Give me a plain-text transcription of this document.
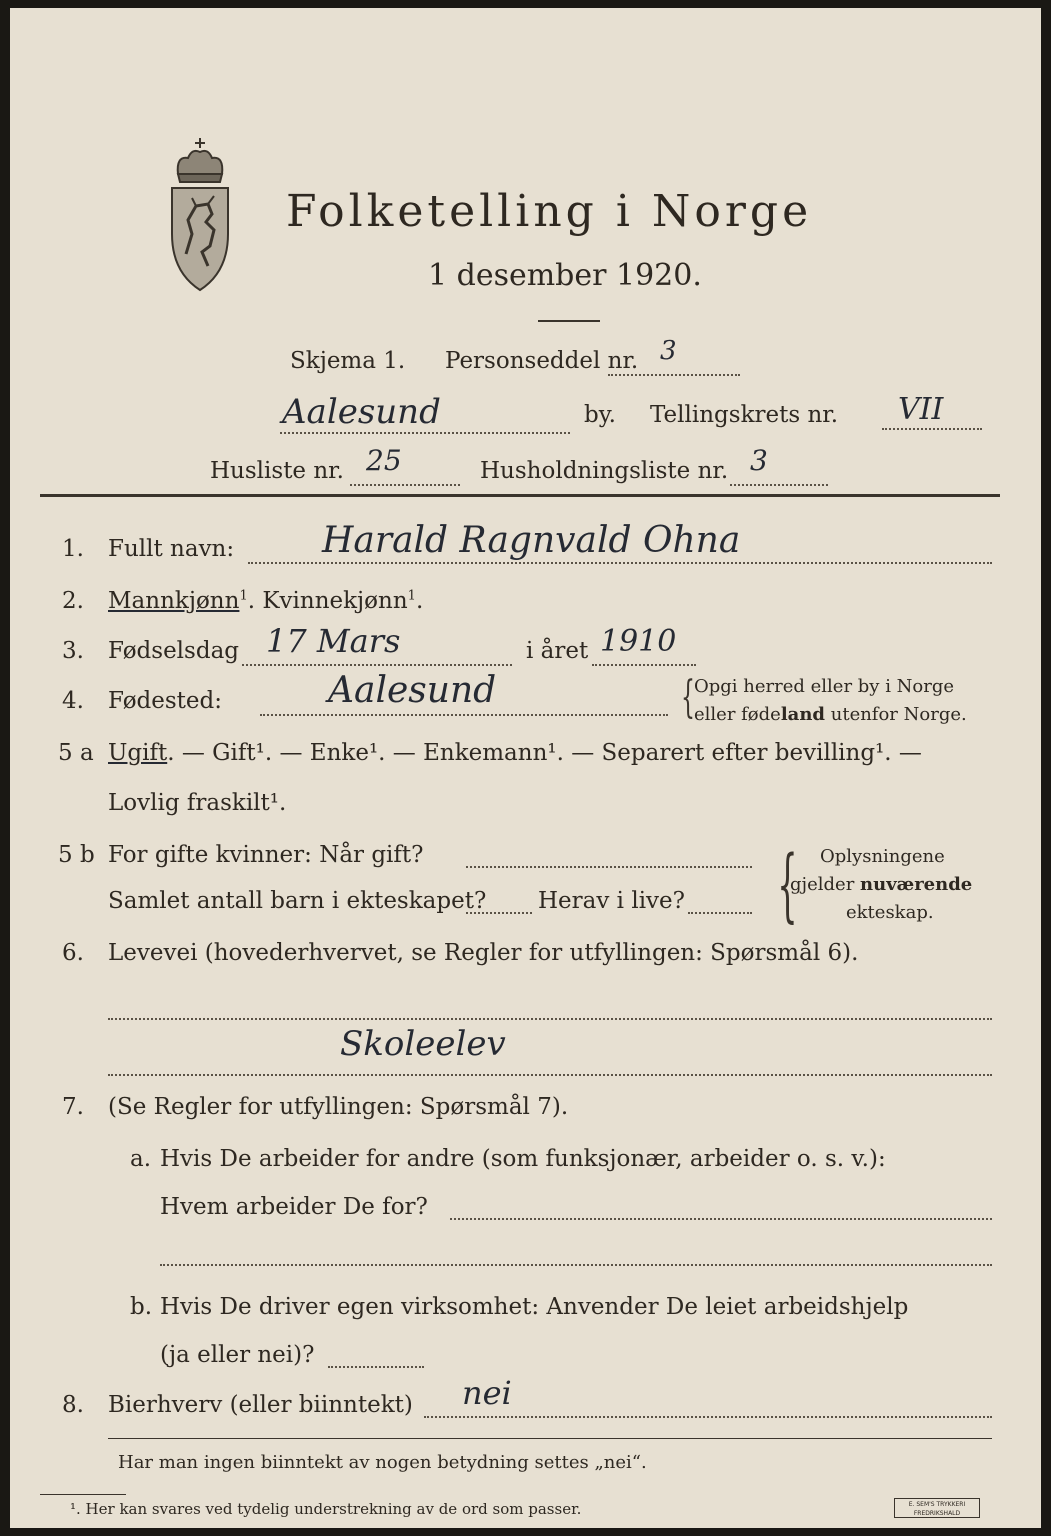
Folketelling i Norge
1 desember 1920.
Skjema 1. Personseddel nr. 3
Aalesund	by. Tellingskrets nr. VII
Husliste nr. 25	Husholdningsliste nr. 3
1. Fullt navn: Harald Ragnvald Ohna
2. Mannkjønn$^1$. Kvinnekjønn$^1$.
3. Fødselsdag 17 Mars	i året 1910
4. Fødested:	Aalesund	{ Opgi herred eller by i Norge
eller fødeland utenfor Norge.
5 a Ugift. — Gift¹. — Enke¹. — Enkemann¹. — Separert efter bevilling¹. —
Lovlig fraskilt¹.
5 b For gifte kvinner: Når gift?
Samlet antall barn i ekteskapet? Herav i live? { Oplysningene
gjelder nuværende
ekteskap.
6. Levevei (hovederhvervet, se Regler for utfyllingen: Spørsmål 6).
Skoleelev
7. (Se Regler for utfyllingen: Spørsmål 7).
a. Hvis De arbeider for andre (som funksjonær, arbeider o. s. v.):
Hvem arbeider De for?
b. Hvis De driver egen virksomhet: Anvender De leiet arbeidshjelp
(ja eller nei)?
8. Bierhverv (eller biinntekt) nei
Har man ingen biinntekt av nogen betydning settes „nei“.
¹. Her kan svares ved tydelig understrekning av de ord som passer.	E. SEM'S TRYKKERI FREDRIKSHALD
